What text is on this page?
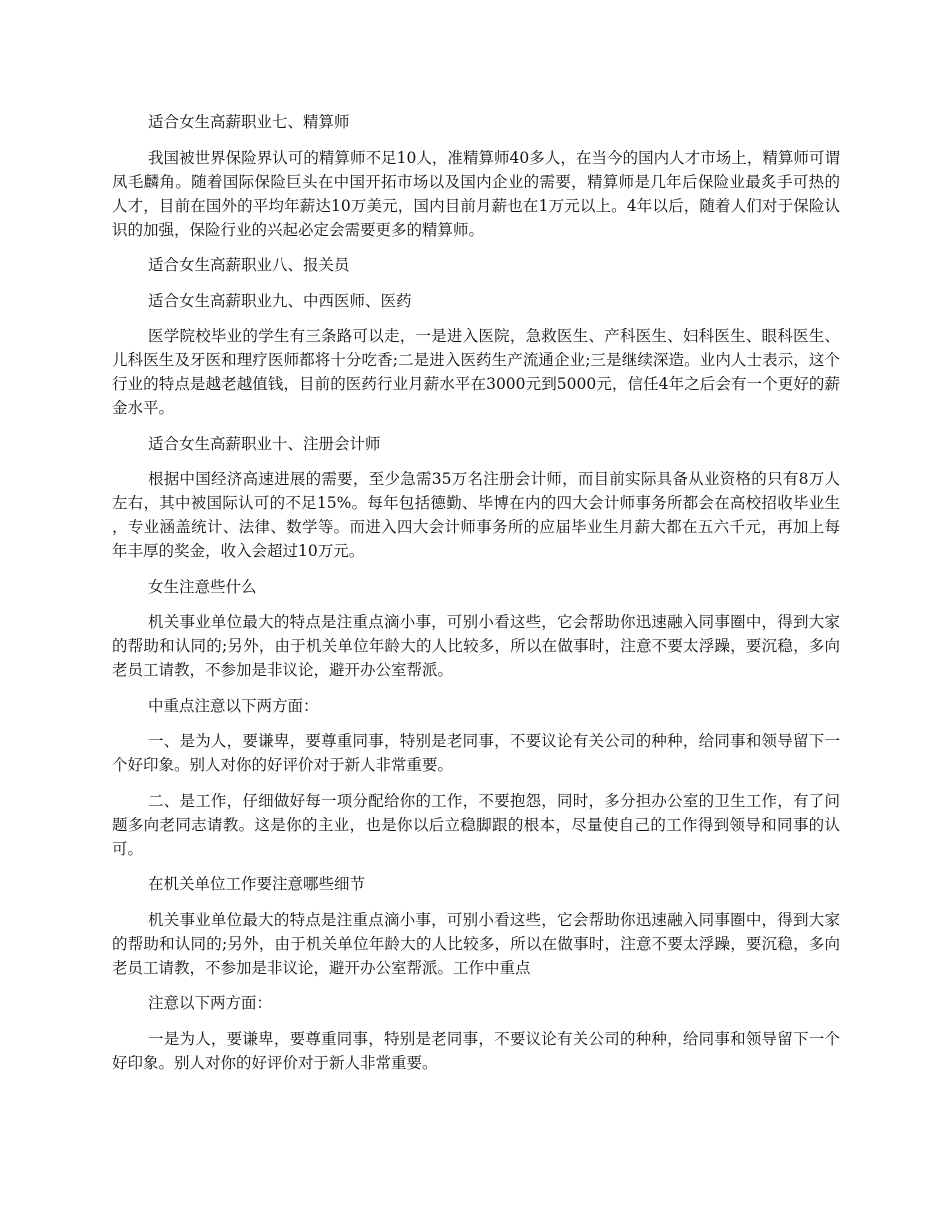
适合女生高薪职业七、精算师

我国被世界保险界认可的精算师不足10人，准精算师40多人，在当今的国内人才市场上，精算师可谓凤毛麟角。随着国际保险巨头在中国开拓市场以及国内企业的需要，精算师是几年后保险业最炙手可热的人才，目前在国外的平均年薪达10万美元，国内目前月薪也在1万元以上。4年以后，随着人们对于保险认识的加强，保险行业的兴起必定会需要更多的精算师。

适合女生高薪职业八、报关员

适合女生高薪职业九、中西医师、医药

医学院校毕业的学生有三条路可以走，一是进入医院，急救医生、产科医生、妇科医生、眼科医生、儿科医生及牙医和理疗医师都将十分吃香;二是进入医药生产流通企业;三是继续深造。业内人士表示，这个行业的特点是越老越值钱，目前的医药行业月薪水平在3000元到5000元，信任4年之后会有一个更好的薪金水平。

适合女生高薪职业十、注册会计师

根据中国经济高速进展的需要，至少急需35万名注册会计师，而目前实际具备从业资格的只有8万人左右，其中被国际认可的不足15%。每年包括德勤、毕博在内的四大会计师事务所都会在高校招收毕业生，专业涵盖统计、法律、数学等。而进入四大会计师事务所的应届毕业生月薪大都在五六千元，再加上每年丰厚的奖金，收入会超过10万元。

女生注意些什么

机关事业单位最大的特点是注重点滴小事，可别小看这些，它会帮助你迅速融入同事圈中，得到大家的帮助和认同的;另外，由于机关单位年龄大的人比较多，所以在做事时，注意不要太浮躁，要沉稳，多向老员工请教，不参加是非议论，避开办公室帮派。

中重点注意以下两方面：

一、是为人，要谦卑，要尊重同事，特别是老同事，不要议论有关公司的种种，给同事和领导留下一个好印象。别人对你的好评价对于新人非常重要。

二、是工作，仔细做好每一项分配给你的工作，不要抱怨，同时，多分担办公室的卫生工作，有了问题多向老同志请教。这是你的主业，也是你以后立稳脚跟的根本，尽量使自己的工作得到领导和同事的认可。

在机关单位工作要注意哪些细节

机关事业单位最大的特点是注重点滴小事，可别小看这些，它会帮助你迅速融入同事圈中，得到大家的帮助和认同的;另外，由于机关单位年龄大的人比较多，所以在做事时，注意不要太浮躁，要沉稳，多向老员工请教，不参加是非议论，避开办公室帮派。工作中重点

注意以下两方面：

一是为人，要谦卑，要尊重同事，特别是老同事，不要议论有关公司的种种，给同事和领导留下一个好印象。别人对你的好评价对于新人非常重要。
